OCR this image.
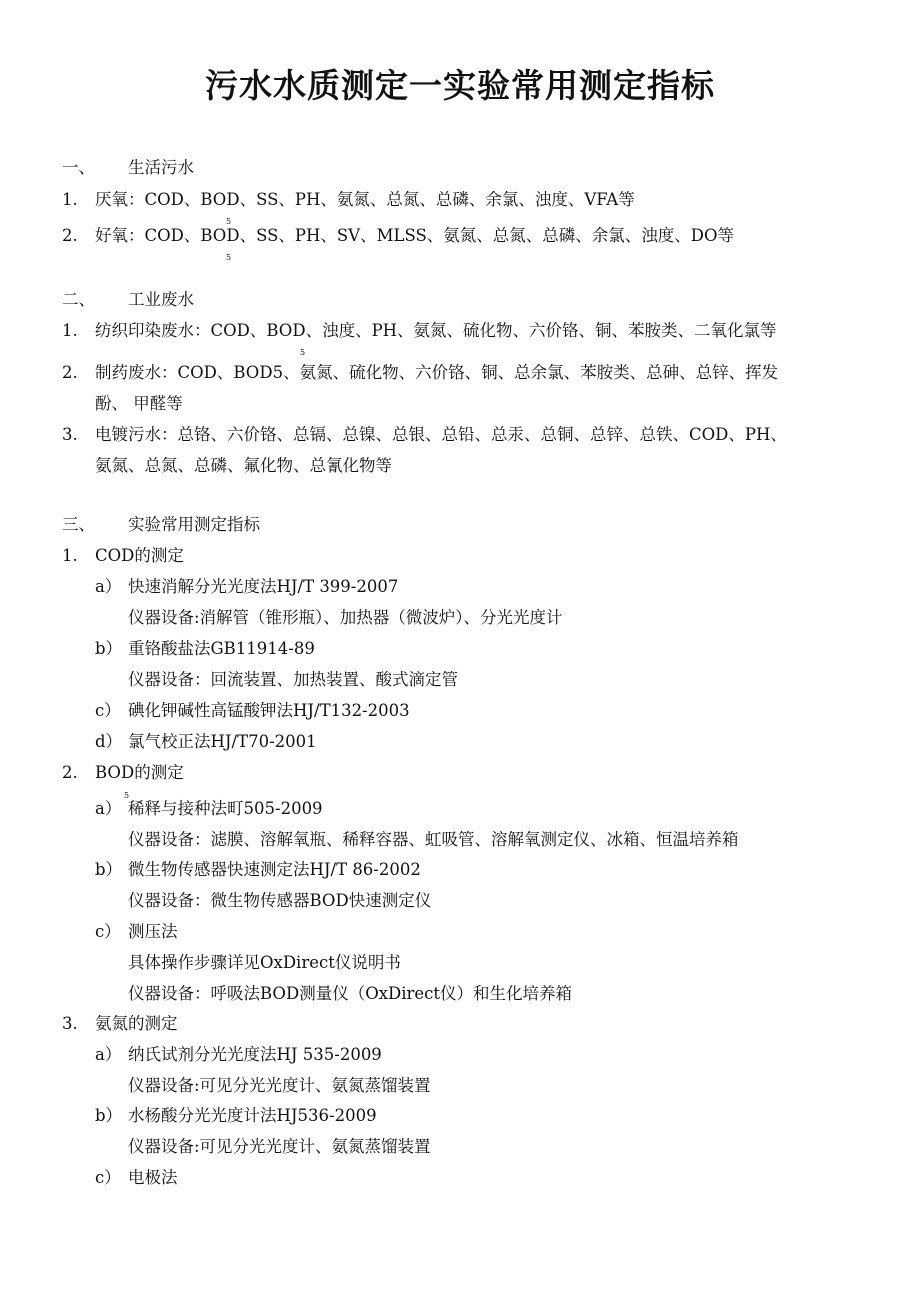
污水水质测定一实验常用测定指标
一、 生活污水
1. 厌氧：COD、BOD、SS、PH、氨氮、总氮、总磷、余氯、浊度、VFA等
5
2. 好氧：COD、BOD、SS、PH、SV、MLSS、氨氮、总氮、总磷、余氯、浊度、DO等
5
二、 工业废水
1. 纺织印染废水：COD、BOD、浊度、PH、氨氮、硫化物、六价铬、铜、苯胺类、二氧化氯等
5
2. 制药废水：COD、BOD5、氨氮、硫化物、六价铬、铜、总余氯、苯胺类、总砷、总锌、挥发
酚、 甲醛等
3. 电镀污水：总铬、六价铬、总镉、总镍、总银、总铅、总汞、总铜、总锌、总铁、COD、PH、
氨氮、总氮、总磷、氟化物、总氰化物等
三、 实验常用测定指标
1. COD的测定
a） 快速消解分光光度法HJ/T 399-2007
仪器设备:消解管（锥形瓶）、加热器（微波炉）、分光光度计
b） 重铬酸盐法GB11914-89
仪器设备：回流装置、加热装置、酸式滴定管
c） 碘化钾碱性高锰酸钾法HJ/T132-2003
d） 氯气校正法HJ/T70-2001
2. BOD的测定
5
a） 稀释与接种法町505-2009
仪器设备：滤膜、溶解氧瓶、稀释容器、虹吸管、溶解氧测定仪、冰箱、恒温培养箱
b） 微生物传感器快速测定法HJ/T 86-2002
仪器设备：微生物传感器BOD快速测定仪
c） 测压法
具体操作步骤详见OxDirect仪说明书
仪器设备：呼吸法BOD测量仪（OxDirect仪）和生化培养箱
3. 氨氮的测定
a） 纳氏试剂分光光度法HJ 535-2009
仪器设备:可见分光光度计、氨氮蒸馏装置
b） 水杨酸分光光度计法HJ536-2009
仪器设备:可见分光光度计、氨氮蒸馏装置
c） 电极法
